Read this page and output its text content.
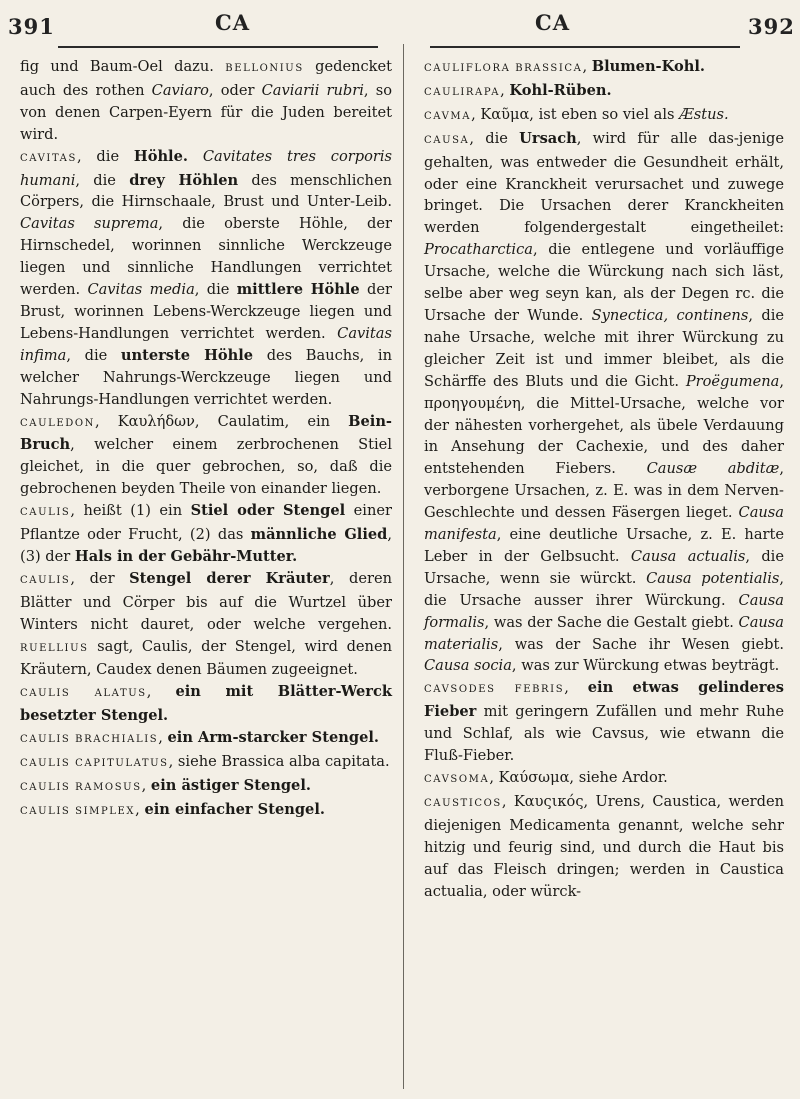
391	CA	CA	392

fig und Baum-Oel dazu. BELLONIUS gedencket auch des rothen Caviaro, oder Caviarii rubri, so von denen Carpen-Eyern für die Juden bereitet wird.

CAVITAS, die Höhle. Cavitates tres corporis humani, die drey Höhlen des menschlichen Cörpers, die Hirnschaale, Brust und Unter-Leib. Cavitas suprema, die oberste Höhle, der Hirnschedel, worinnen sinnliche Werckzeuge liegen und sinnliche Handlungen verrichtet werden. Cavitas media, die mittlere Höhle der Brust, worinnen Lebens-Werckzeuge liegen und Lebens-Handlungen verrichtet werden. Cavitas infima, die unterste Höhle des Bauchs, in welcher Nahrungs-Werckzeuge liegen und Nahrungs-Handlungen verrichtet werden.

CAULEDON, Καυλήδων, Caulatim, ein Bein-Bruch, welcher einem zerbrochenen Stiel gleichet, in die quer gebrochen, so, daß die gebrochenen beyden Theile von einander liegen.

CAULIS, heißt (1) ein Stiel oder Stengel einer Pflantze oder Frucht, (2) das männliche Glied, (3) der Hals in der Gebähr-Mutter.

CAULIS, der Stengel derer Kräuter, deren Blätter und Cörper bis auf die Wurtzel über Winters nicht dauret, oder welche vergehen. RUELLIUS sagt, Caulis, der Stengel, wird denen Kräutern, Caudex denen Bäumen zugeeignet.

CAULIS ALATUS, ein mit Blätter-Werck besetzter Stengel.

CAULIS BRACHIALIS, ein Arm-starcker Stengel.

CAULIS CAPITULATUS, siehe Brassica alba capitata.

CAULIS RAMOSUS, ein ästiger Stengel.

CAULIS SIMPLEX, ein einfacher Stengel.

CAULIFLORA BRASSICA, Blumen-Kohl.

CAULIRAPA, Kohl-Rüben.

CAVMA, Καῦμα, ist eben so viel als Æstus.

CAUSA, die Ursach, wird für alle das-jenige gehalten, was entweder die Gesundheit erhält, oder eine Kranckheit verursachet und zuwege bringet. Die Ursachen derer Kranckheiten werden folgendergestalt eingetheilet: Procatharctica, die entlegene und vorläuffige Ursache, welche die Würckung nach sich läst, selbe aber weg seyn kan, als der Degen rc. die Ursache der Wunde. Synectica, continens, die nahe Ursache, welche mit ihrer Würckung zu gleicher Zeit ist und immer bleibet, als die Schärffe des Bluts und die Gicht. Proëgumena, προηγουμένη, die Mittel-Ursache, welche vor der nähesten vorhergehet, als übele Verdauung in Ansehung der Cachexie, und des daher entstehenden Fiebers. Causæ abditæ, verborgene Ursachen, z. E. was in dem Nerven-Geschlechte und dessen Fäsergen lieget. Causa manifesta, eine deutliche Ursache, z. E. harte Leber in der Gelbsucht. Causa actualis, die Ursache, wenn sie würckt. Causa potentialis, die Ursache ausser ihrer Würckung. Causa formalis, was der Sache die Gestalt giebt. Causa materialis, was der Sache ihr Wesen giebt. Causa socia, was zur Würckung etwas beyträgt.

CAVSODES FEBRIS, ein etwas gelinderes Fieber mit geringern Zufällen und mehr Ruhe und Schlaf, als wie Cavsus, wie etwann die Fluß-Fieber.

CAVSOMA, Καύσωμα, siehe Ardor.

CAUSTICOS, Καυςικός, Urens, Caustica, werden diejenigen Medicamenta genannt, welche sehr hitzig und feurig sind, und durch die Haut bis auf das Fleisch dringen; werden in Caustica actualia, oder würck-
